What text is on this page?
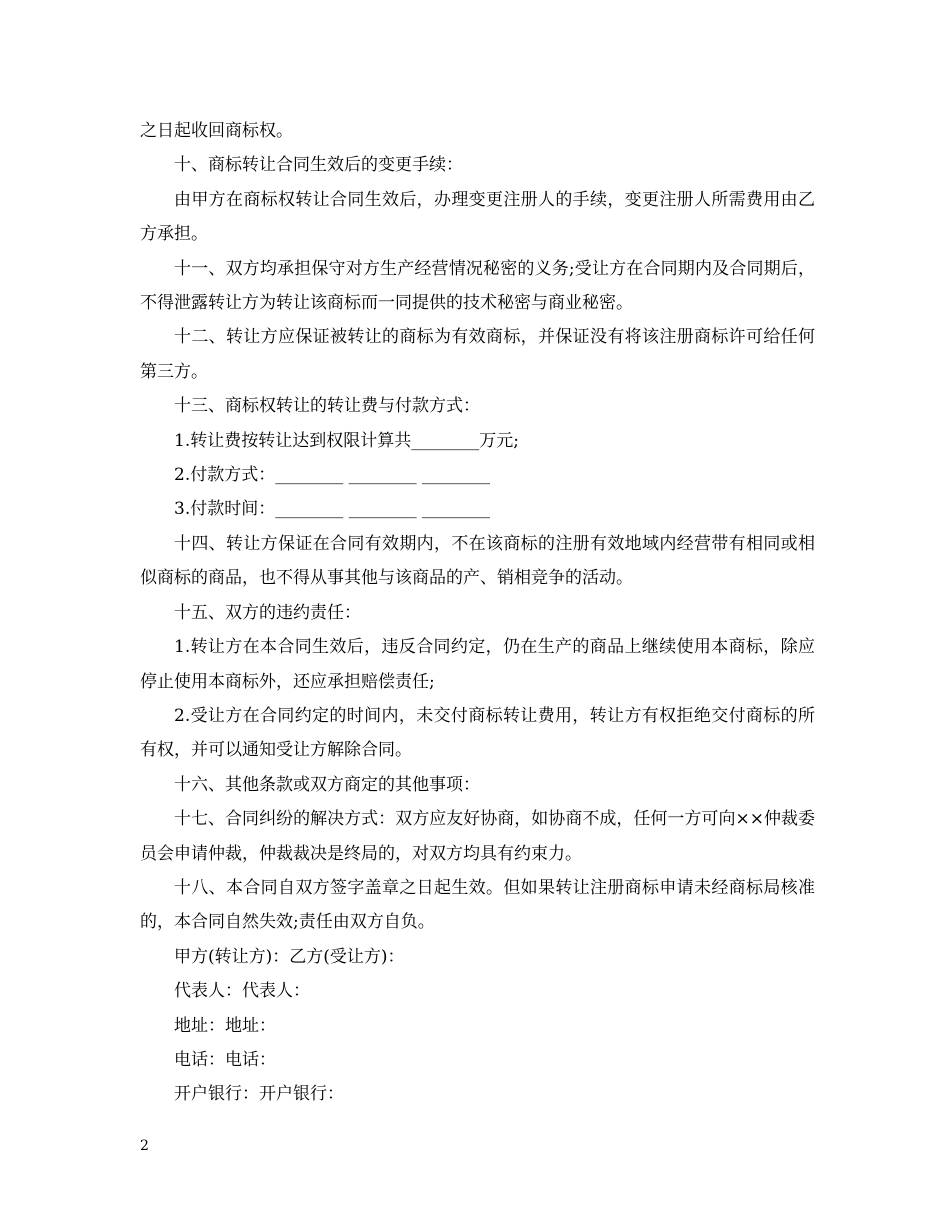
之日起收回商标权。

十、商标转让合同生效后的变更手续：

由甲方在商标权转让合同生效后，办理变更注册人的手续，变更注册人所需费用由乙方承担。

十一、双方均承担保守对方生产经营情况秘密的义务;受让方在合同期内及合同期后，不得泄露转让方为转让该商标而一同提供的技术秘密与商业秘密。

十二、转让方应保证被转让的商标为有效商标，并保证没有将该注册商标许可给任何第三方。

十三、商标权转让的转让费与付款方式：

1.转让费按转让达到权限计算共________万元;

2.付款方式：________ ________ ________

3.付款时间：________ ________ ________

十四、转让方保证在合同有效期内，不在该商标的注册有效地域内经营带有相同或相似商标的商品，也不得从事其他与该商品的产、销相竞争的活动。

十五、双方的违约责任：

1.转让方在本合同生效后，违反合同约定，仍在生产的商品上继续使用本商标，除应停止使用本商标外，还应承担赔偿责任;

2.受让方在合同约定的时间内，未交付商标转让费用，转让方有权拒绝交付商标的所有权，并可以通知受让方解除合同。

十六、其他条款或双方商定的其他事项：

十七、合同纠纷的解决方式：双方应友好协商，如协商不成，任何一方可向××仲裁委员会申请仲裁，仲裁裁决是终局的，对双方均具有约束力。

十八、本合同自双方签字盖章之日起生效。但如果转让注册商标申请未经商标局核准的，本合同自然失效;责任由双方自负。

甲方(转让方)：乙方(受让方)：

代表人：代表人：

地址：地址：

电话：电话：

开户银行：开户银行：

2
